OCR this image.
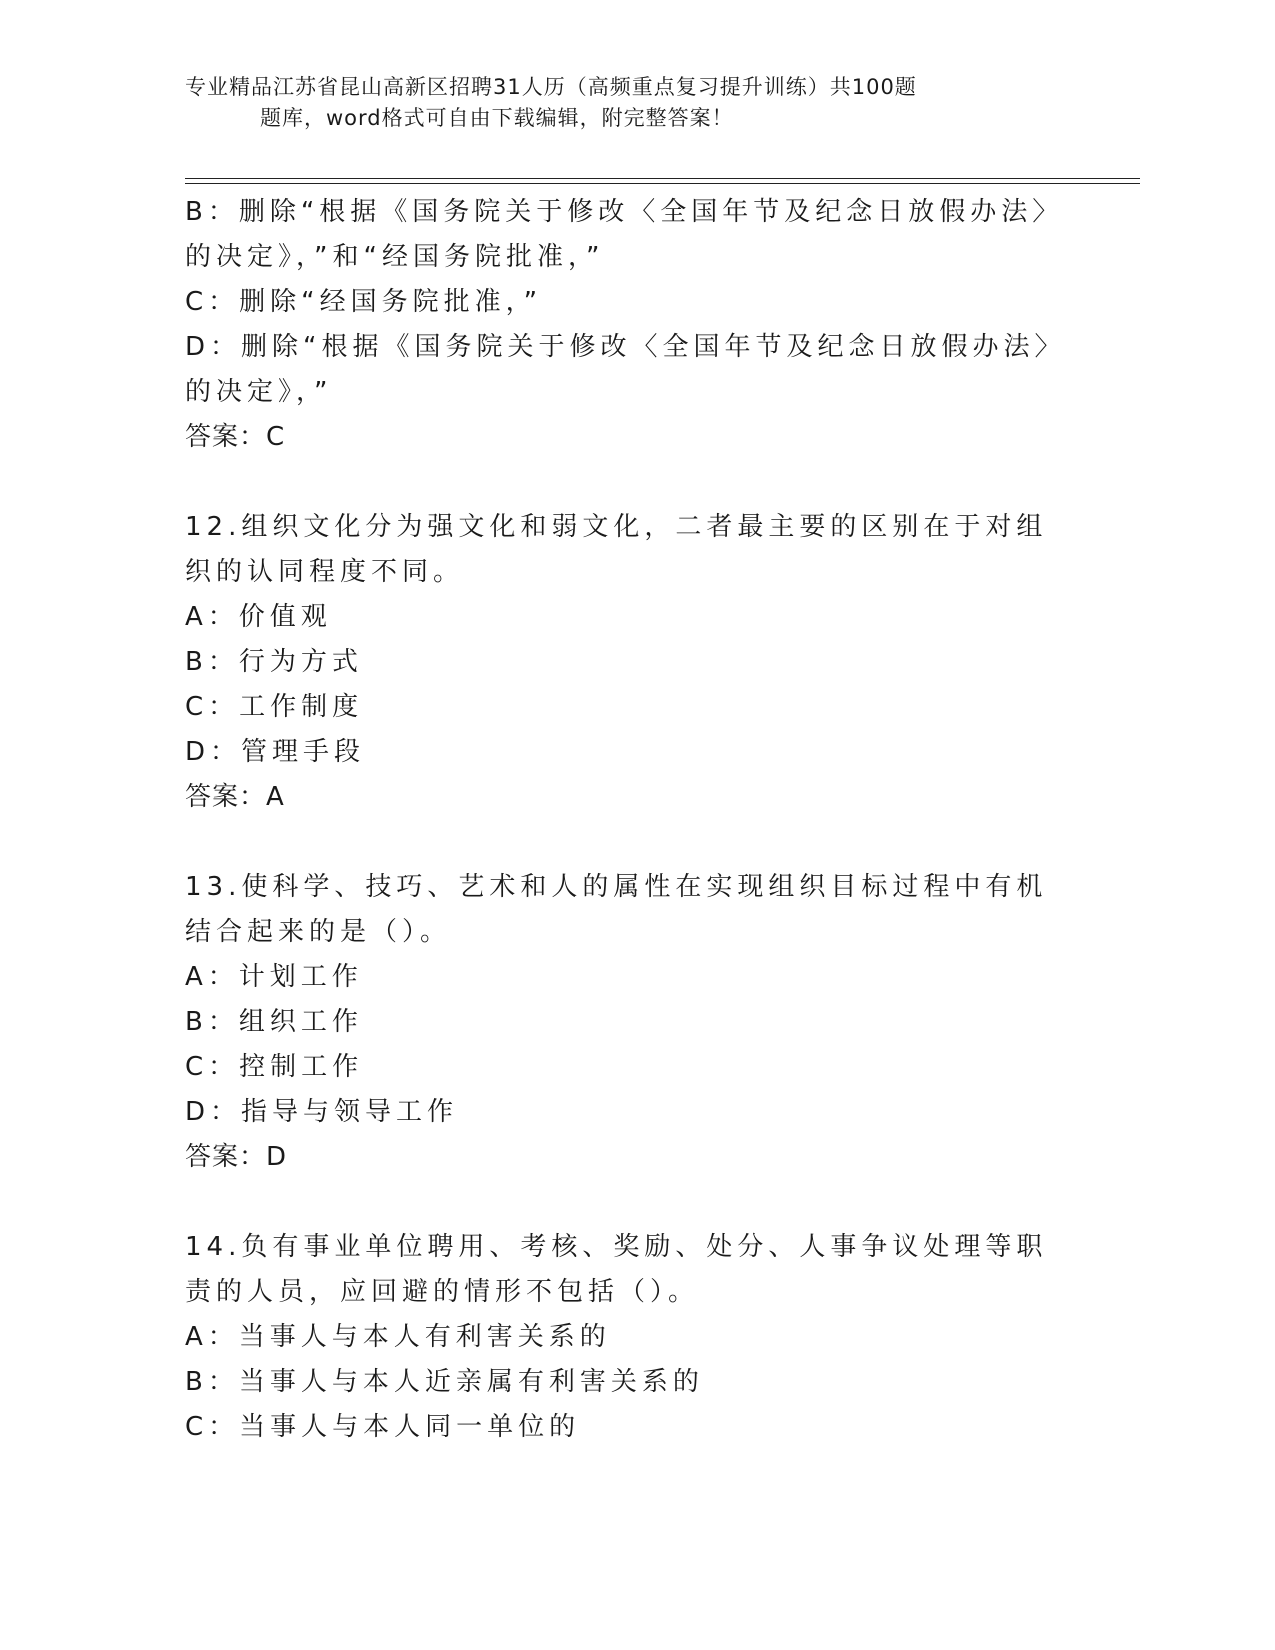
专业精品江苏省昆山高新区招聘31人历（高频重点复习提升训练）共100题
题库，word格式可自由下载编辑，附完整答案！

B：删除“根据《国务院关于修改〈全国年节及纪念日放假办法〉的决定》，”和“经国务院批准，”

C：删除“经国务院批准，”

D：删除“根据《国务院关于修改〈全国年节及纪念日放假办法〉的决定》，”

答案：C

12.组织文化分为强文化和弱文化，二者最主要的区别在于对组织的认同程度不同。

A：价值观

B：行为方式

C：工作制度

D：管理手段

答案：A

13.使科学、技巧、艺术和人的属性在实现组织目标过程中有机结合起来的是（）。

A：计划工作

B：组织工作

C：控制工作

D：指导与领导工作

答案：D

14.负有事业单位聘用、考核、奖励、处分、人事争议处理等职责的人员，应回避的情形不包括（）。

A：当事人与本人有利害关系的

B：当事人与本人近亲属有利害关系的

C：当事人与本人同一单位的
